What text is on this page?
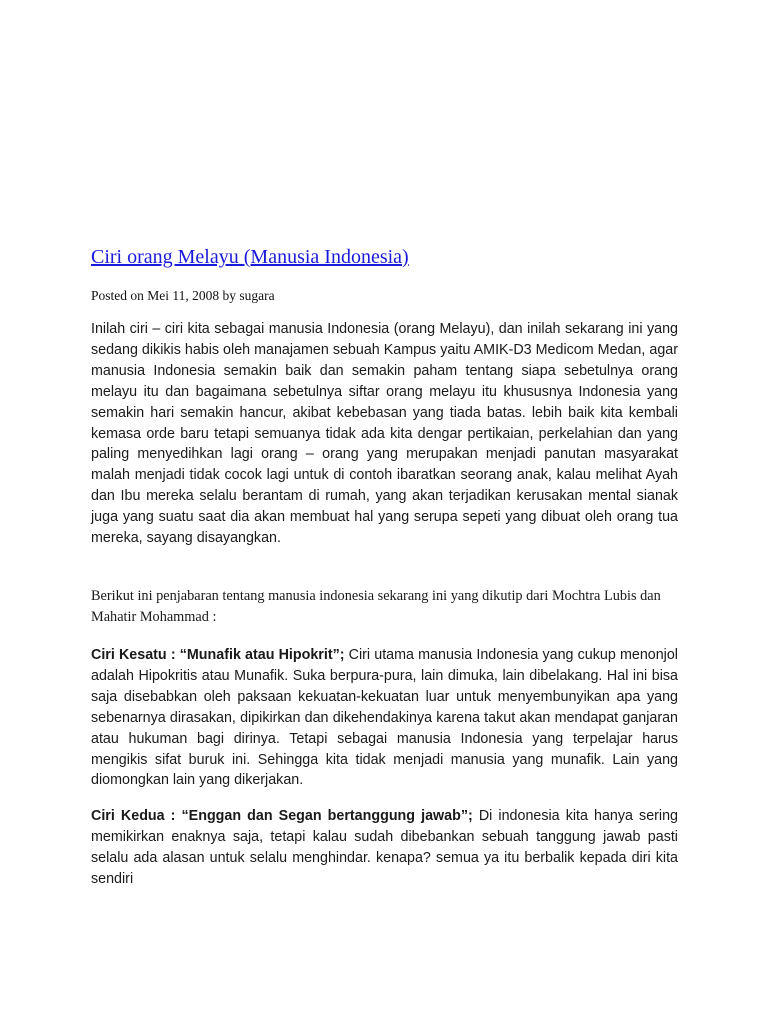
Ciri orang Melayu (Manusia Indonesia)
Posted on Mei 11, 2008 by sugara

Inilah ciri – ciri kita sebagai manusia Indonesia (orang Melayu), dan inilah sekarang ini yang sedang dikikis habis oleh manajamen sebuah Kampus yaitu AMIK-D3 Medicom Medan, agar manusia Indonesia semakin baik dan semakin paham tentang siapa sebetulnya orang melayu itu dan bagaimana sebetulnya siftar orang melayu itu khususnya Indonesia yang semakin hari semakin hancur, akibat kebebasan yang tiada batas. lebih baik kita kembali kemasa orde baru tetapi semuanya tidak ada kita dengar pertikaian, perkelahian dan yang paling menyedihkan lagi orang – orang yang merupakan menjadi panutan masyarakat malah menjadi tidak cocok lagi untuk di contoh ibaratkan seorang anak, kalau melihat Ayah dan Ibu mereka selalu berantam di rumah, yang akan terjadikan kerusakan mental sianak juga yang suatu saat dia akan membuat hal yang serupa sepeti yang dibuat oleh orang tua mereka, sayang disayangkan.

Berikut ini penjabaran tentang manusia indonesia sekarang ini yang dikutip dari Mochtra Lubis dan Mahatir Mohammad :

Ciri Kesatu : “Munafik atau Hipokrit”; Ciri utama manusia Indonesia yang cukup menonjol adalah Hipokritis atau Munafik. Suka berpura-pura, lain dimuka, lain dibelakang. Hal ini bisa saja disebabkan oleh paksaan kekuatan-kekuatan luar untuk menyembunyikan apa yang sebenarnya dirasakan, dipikirkan dan dikehendakinya karena takut akan mendapat ganjaran atau hukuman bagi dirinya. Tetapi sebagai manusia Indonesia yang terpelajar harus mengikis sifat buruk ini. Sehingga kita tidak menjadi manusia yang munafik. Lain yang diomongkan lain yang dikerjakan.

Ciri Kedua : “Enggan dan Segan bertanggung jawab”; Di indonesia kita hanya sering memikirkan enaknya saja, tetapi kalau sudah dibebankan sebuah tanggung jawab pasti selalu ada alasan untuk selalu menghindar. kenapa? semua ya itu berbalik kepada diri kita sendiri
